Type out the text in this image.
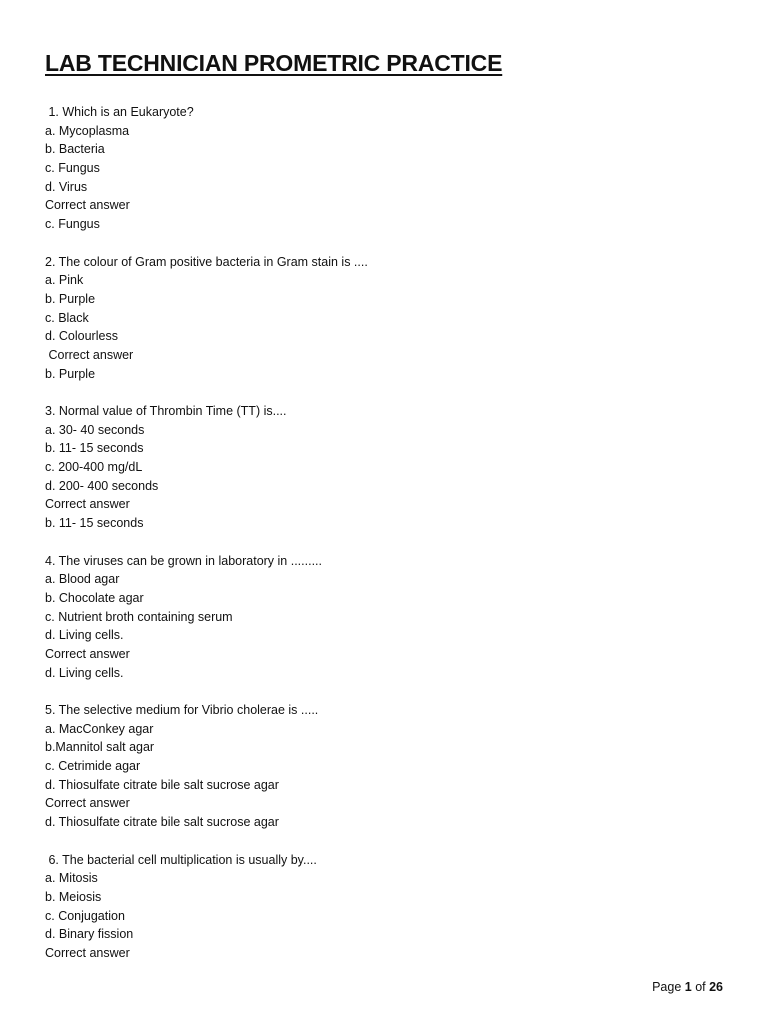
LAB TECHNICIAN PROMETRIC PRACTICE
1. Which is an Eukaryote?
a. Mycoplasma
b. Bacteria
c. Fungus
d. Virus
Correct answer
c. Fungus
2. The colour of Gram positive bacteria in Gram stain is ....
a. Pink
b. Purple
c. Black
d. Colourless
Correct answer
b. Purple
3. Normal value of Thrombin Time (TT) is....
a. 30- 40 seconds
b. 11- 15 seconds
c. 200-400 mg/dL
d. 200- 400 seconds
Correct answer
b. 11- 15 seconds
4. The viruses can be grown in laboratory in .........
a. Blood agar
b. Chocolate agar
c. Nutrient broth containing serum
d. Living cells.
Correct answer
d. Living cells.
5. The selective medium for Vibrio cholerae is .....
a. MacConkey agar
b.Mannitol salt agar
c. Cetrimide agar
d. Thiosulfate citrate bile salt sucrose agar
Correct answer
d. Thiosulfate citrate bile salt sucrose agar
6. The bacterial cell multiplication is usually by....
a. Mitosis
b. Meiosis
c. Conjugation
d. Binary fission
Correct answer
Page 1 of 26
